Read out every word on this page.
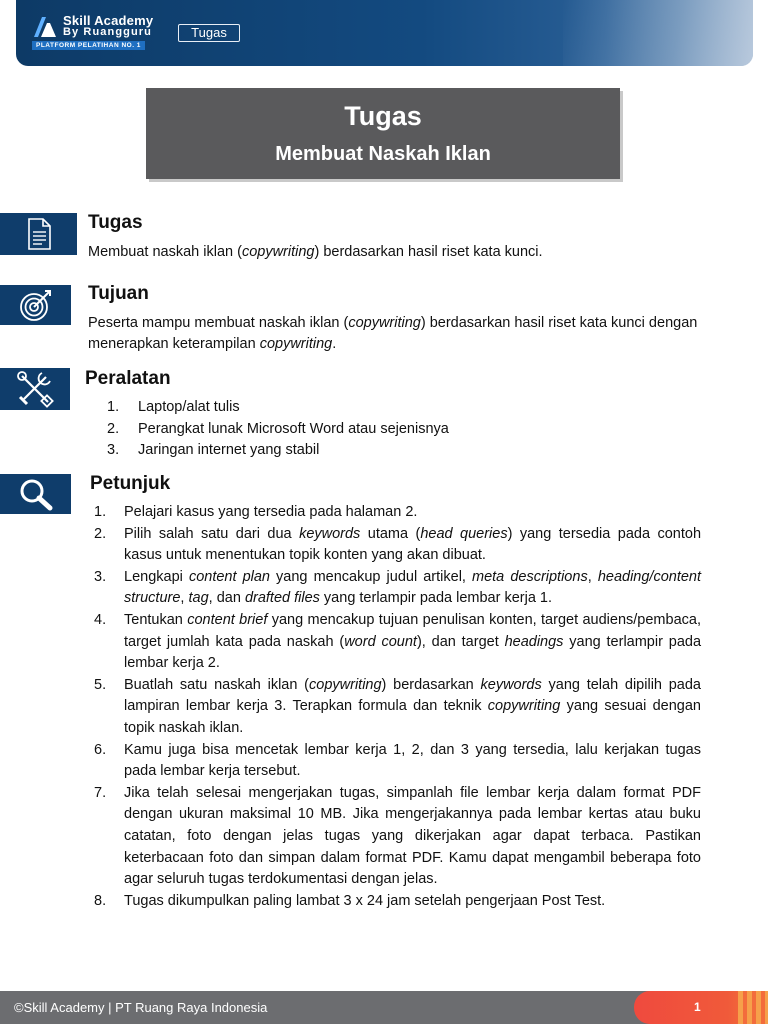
Skill Academy
By Ruangguru
PLATFORM PELATIHAN NO. 1
Tugas
Tugas
Membuat Naskah Iklan
Tugas
Membuat naskah iklan (copywriting) berdasarkan hasil riset kata kunci.
Tujuan
Peserta mampu membuat naskah iklan (copywriting) berdasarkan hasil riset kata kunci dengan menerapkan keterampilan copywriting.
Peralatan
1. Laptop/alat tulis
2. Perangkat lunak Microsoft Word atau sejenisnya
3. Jaringan internet yang stabil
Petunjuk
1. Pelajari kasus yang tersedia pada halaman 2.
2. Pilih salah satu dari dua keywords utama (head queries) yang tersedia pada contoh kasus untuk menentukan topik konten yang akan dibuat.
3. Lengkapi content plan yang mencakup judul artikel, meta descriptions, heading/content structure, tag, dan drafted files yang terlampir pada lembar kerja 1.
4. Tentukan content brief yang mencakup tujuan penulisan konten, target audiens/pembaca, target jumlah kata pada naskah (word count), dan target headings yang terlampir pada lembar kerja 2.
5. Buatlah satu naskah iklan (copywriting) berdasarkan keywords yang telah dipilih pada lampiran lembar kerja 3. Terapkan formula dan teknik copywriting yang sesuai dengan topik naskah iklan.
6. Kamu juga bisa mencetak lembar kerja 1, 2, dan 3 yang tersedia, lalu kerjakan tugas pada lembar kerja tersebut.
7. Jika telah selesai mengerjakan tugas, simpanlah file lembar kerja dalam format PDF dengan ukuran maksimal 10 MB. Jika mengerjakannya pada lembar kertas atau buku catatan, foto dengan jelas tugas yang dikerjakan agar dapat terbaca. Pastikan keterbacaan foto dan simpan dalam format PDF. Kamu dapat mengambil beberapa foto agar seluruh tugas terdokumentasi dengan jelas.
8. Tugas dikumpulkan paling lambat 3 x 24 jam setelah pengerjaan Post Test.
©Skill Academy | PT Ruang Raya Indonesia	1
